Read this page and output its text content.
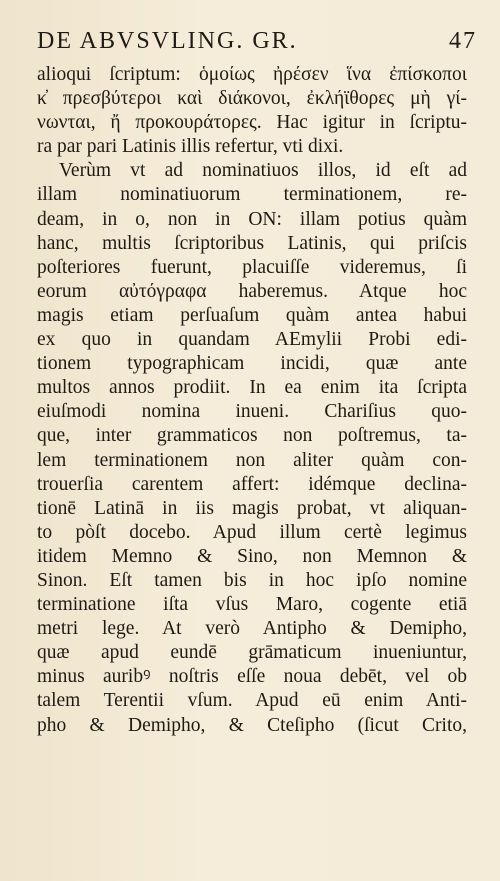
DE ABVSVLING. GR.	47
alioqui ſcriptum: ὁμοίως ἠρέσεν ἵνα ἐπίσκοποι
κ̓ πρεσβύτεροι καὶ διάκονοι, ἐκλήϊθορες μὴ γί-
νωνται, ἤ προκουράτορες. Hac igitur in ſcriptu-
ra par pari Latinis illis refertur, vti dixi.
Verùm vt ad nominatiuos illos, id eſt ad
illam nominatiuorum terminationem, re-
deam, in o, non in ON: illam potius quàm
hanc, multis ſcriptoribus Latinis, qui priſcis
poſteriores fuerunt, placuiſſe videremus, ſi
eorum αὐτόγραφα haberemus. Atque hoc
magis etiam perſuaſum quàm antea habui
ex quo in quandam AEmylii Probi edi-
tionem typographicam incidi, quæ ante
multos annos prodiit. In ea enim ita ſcripta
eiuſmodi nomina inueni. Chariſius quo-
que, inter grammaticos non poſtremus, ta-
lem terminationem non aliter quàm con-
trouerſia carentem affert: idémque declina-
tionē Latinā in iis magis probat, vt aliquan-
to pòſt docebo. Apud illum certè legimus
itidem Memno & Sino, non Memnon &
Sinon. Eſt tamen bis in hoc ipſo nomine
terminatione iſta vſus Maro, cogente etiā
metri lege. At verò Antipho & Demipho,
quæ apud eundē grāmaticum inueniuntur,
minus auribꝰ noſtris eſſe noua debēt, vel ob
talem Terentii vſum. Apud eū enim Anti-
pho & Demipho, & Cteſipho (ſicut Crito,
